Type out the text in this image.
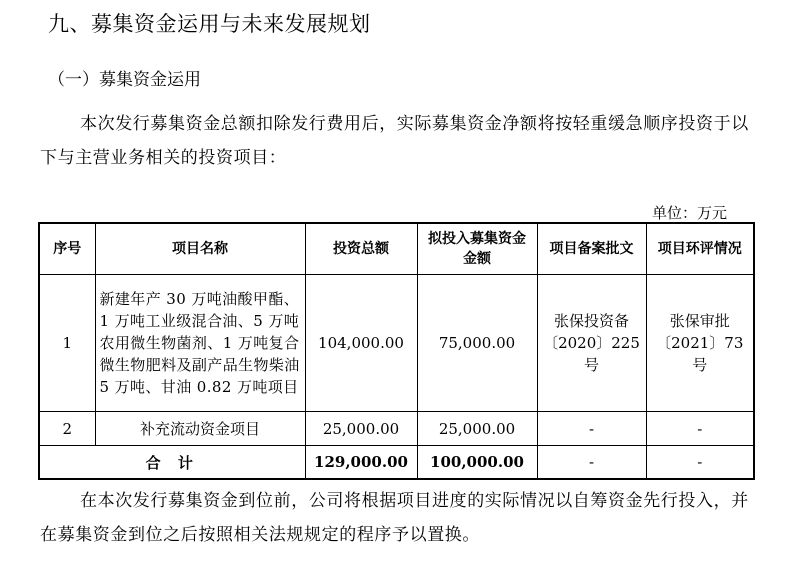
九、募集资金运用与未来发展规划
（一）募集资金运用

本次发行募集资金总额扣除发行费用后，实际募集资金净额将按轻重缓急顺序投资于以下与主营业务相关的投资项目：

单位：万元
序号	项目名称	投资总额	拟投入募集资金金额	项目备案批文	项目环评情况
1	新建年产 30 万吨油酸甲酯、1 万吨工业级混合油、5 万吨农用微生物菌剂、1 万吨复合微生物肥料及副产品生物柴油 5 万吨、甘油 0.82 万吨项目	104,000.00	75,000.00	张保投资备〔2020〕225 号	张保审批〔2021〕73 号
2	补充流动资金项目	25,000.00	25,000.00	-	-
合 计		129,000.00	100,000.00	-	-

在本次发行募集资金到位前，公司将根据项目进度的实际情况以自筹资金先行投入，并在募集资金到位之后按照相关法规规定的程序予以置换。
